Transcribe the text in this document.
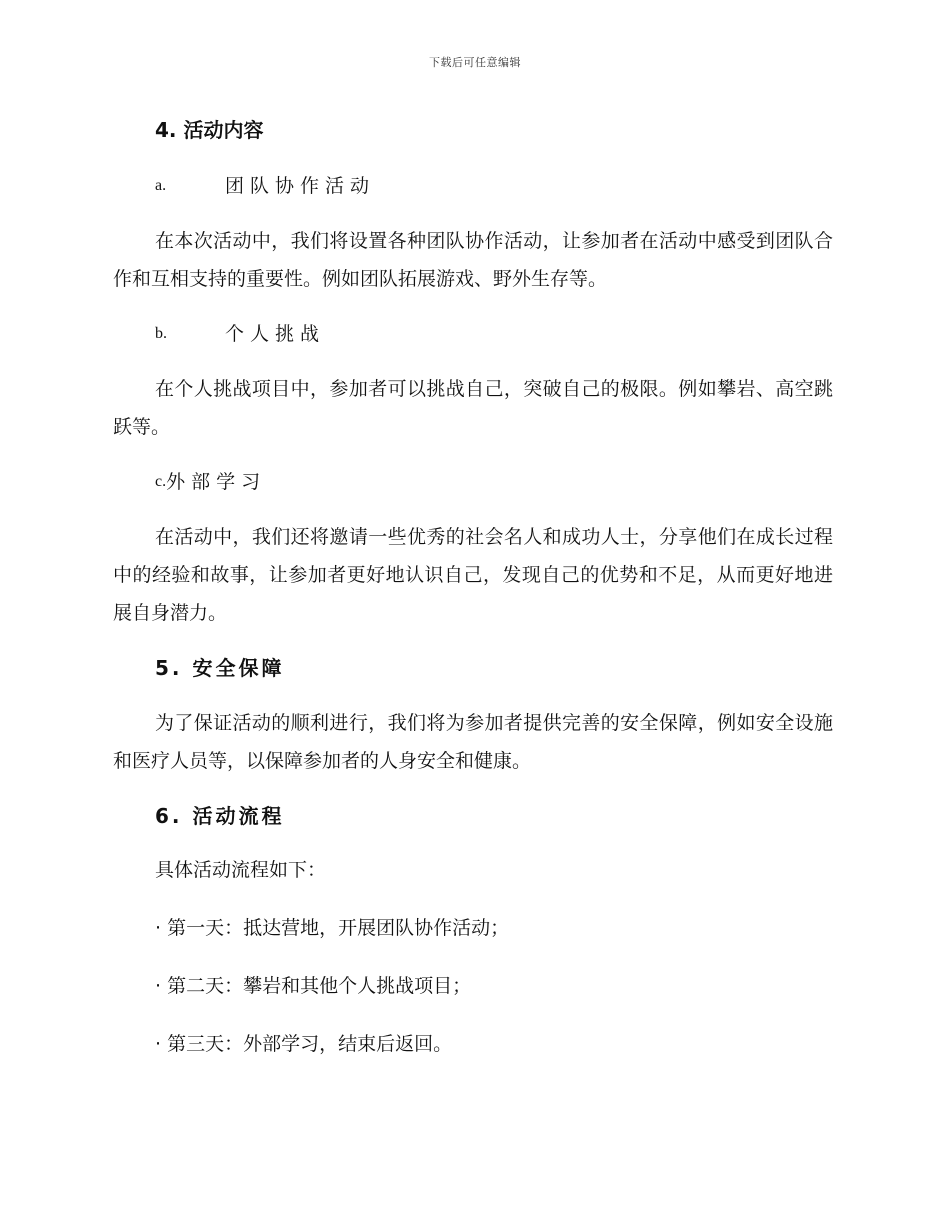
下载后可任意编辑
4. 活动内容
a.	团队协作活动

在本次活动中，我们将设置各种团队协作活动，让参加者在活动中感受到团队合作和互相支持的重要性。例如团队拓展游戏、野外生存等。

b.	个人挑战

在个人挑战项目中，参加者可以挑战自己，突破自己的极限。例如攀岩、高空跳跃等。

c. 外部学习

在活动中，我们还将邀请一些优秀的社会名人和成功人士，分享他们在成长过程中的经验和故事，让参加者更好地认识自己，发现自己的优势和不足，从而更好地进展自身潜力。

5. 安全保障

为了保证活动的顺利进行，我们将为参加者提供完善的安全保障，例如安全设施和医疗人员等，以保障参加者的人身安全和健康。

6. 活动流程
具体活动流程如下：
· 第一天：抵达营地，开展团队协作活动；
· 第二天：攀岩和其他个人挑战项目；
· 第三天：外部学习，结束后返回。
